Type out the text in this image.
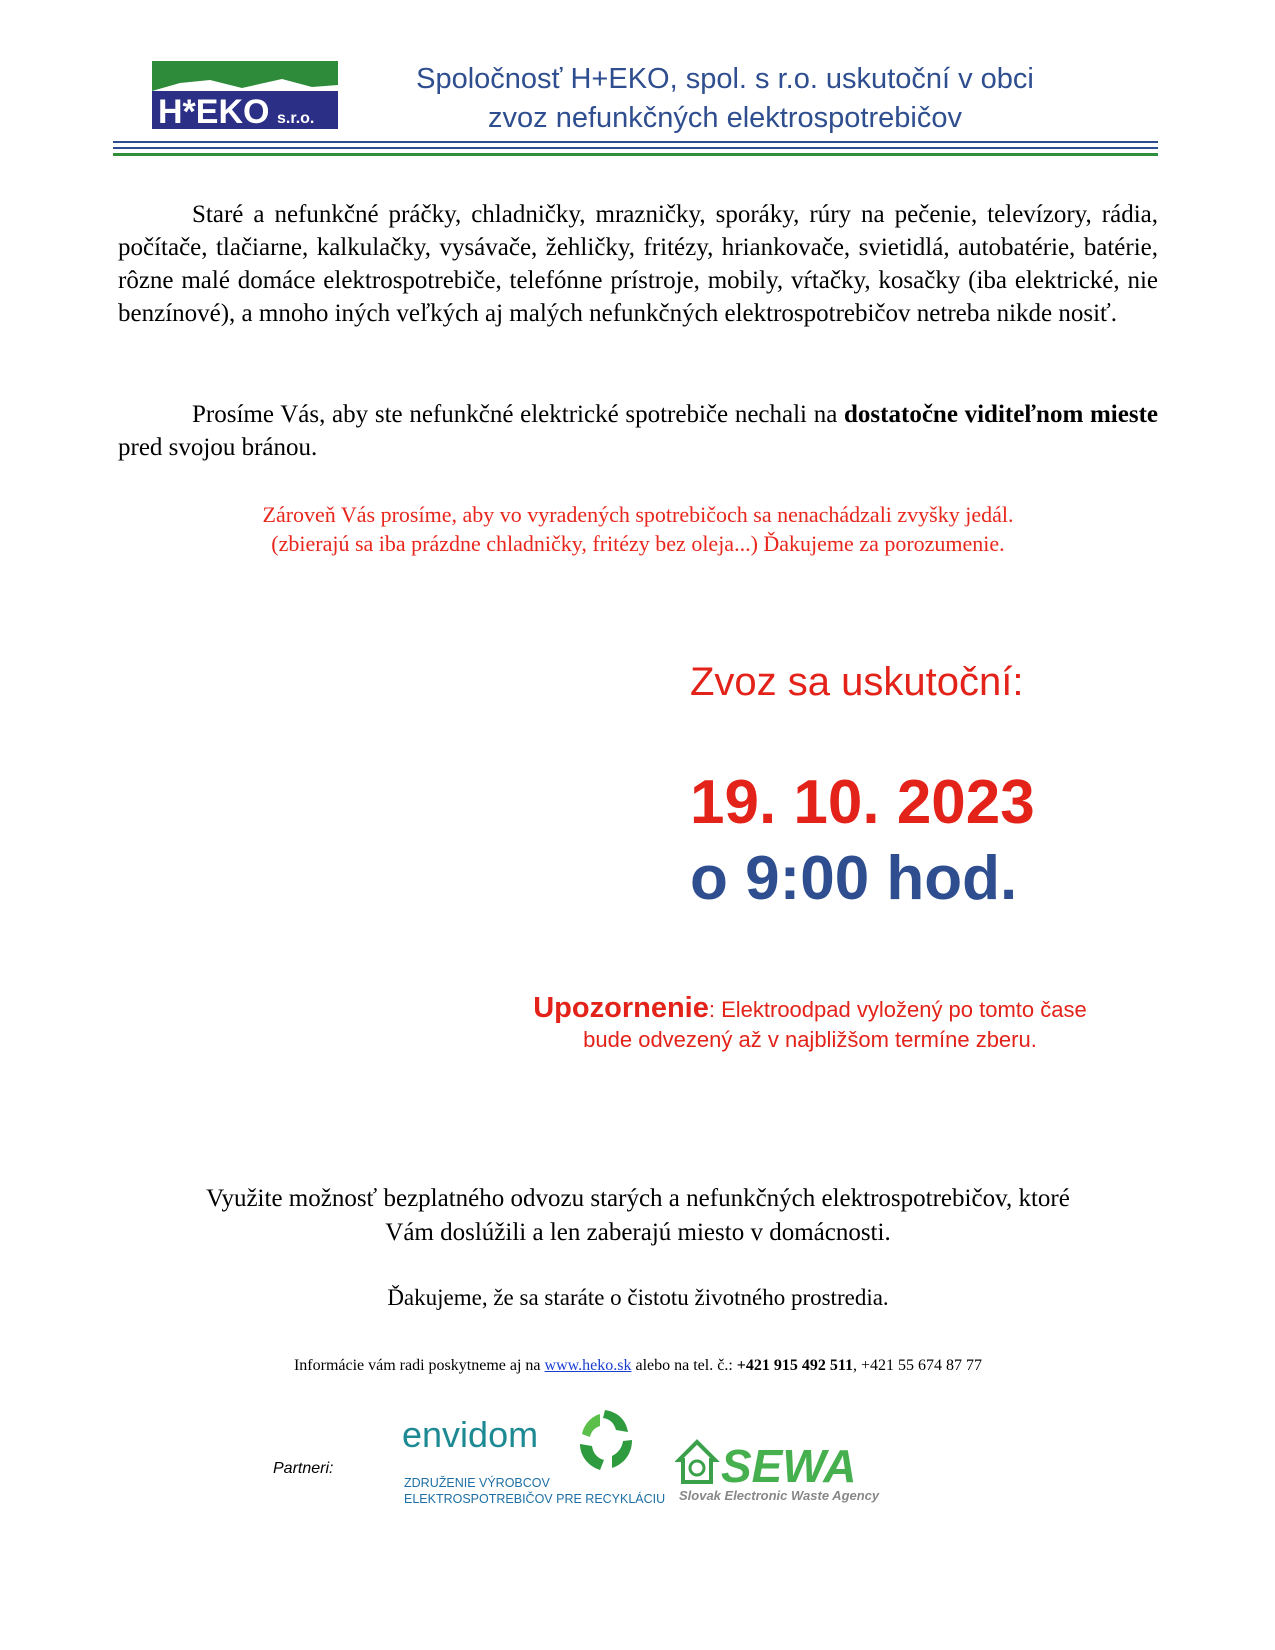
H*EKO s.r.o.
Spoločnosť H+EKO, spol. s r.o. uskutoční v obci
zvoz nefunkčných elektrospotrebičov
Staré a nefunkčné práčky, chladničky, mrazničky, sporáky, rúry na pečenie, televízory, rádia, počítače, tlačiarne, kalkulačky, vysávače, žehličky, fritézy, hriankovače, svietidlá, autobatérie, batérie, rôzne malé domáce elektrospotrebiče, telefónne prístroje, mobily, vŕtačky, kosačky (iba elektrické, nie benzínové), a mnoho iných veľkých aj malých nefunkčných elektrospotrebičov netreba nikde nosiť.
Prosíme Vás, aby ste nefunkčné elektrické spotrebiče nechali na dostatočne viditeľnom mieste pred svojou bránou.
Zároveň Vás prosíme, aby vo vyradených spotrebičoch sa nenachádzali zvyšky jedál.
(zbierajú sa iba prázdne chladničky, fritézy bez oleja...) Ďakujeme za porozumenie.
Zvoz sa uskutoční:
19. 10. 2023
o 9:00 hod.
Upozornenie: Elektroodpad vyložený po tomto čase
bude odvezený až v najbližšom termíne zberu.
Využite možnosť bezplatného odvozu starých a nefunkčných elektrospotrebičov, ktoré
Vám doslúžili a len zaberajú miesto v domácnosti.
Ďakujeme, že sa staráte o čistotu životného prostredia.
Informácie vám radi poskytneme aj na www.heko.sk alebo na tel. č.: +421 915 492 511, +421 55 674 87 77
Partneri:
envidom
ZDRUŽENIE VÝROBCOV
ELEKTROSPOTREBIČOV PRE RECYKLÁCIU
SEWA
Slovak Electronic Waste Agency
